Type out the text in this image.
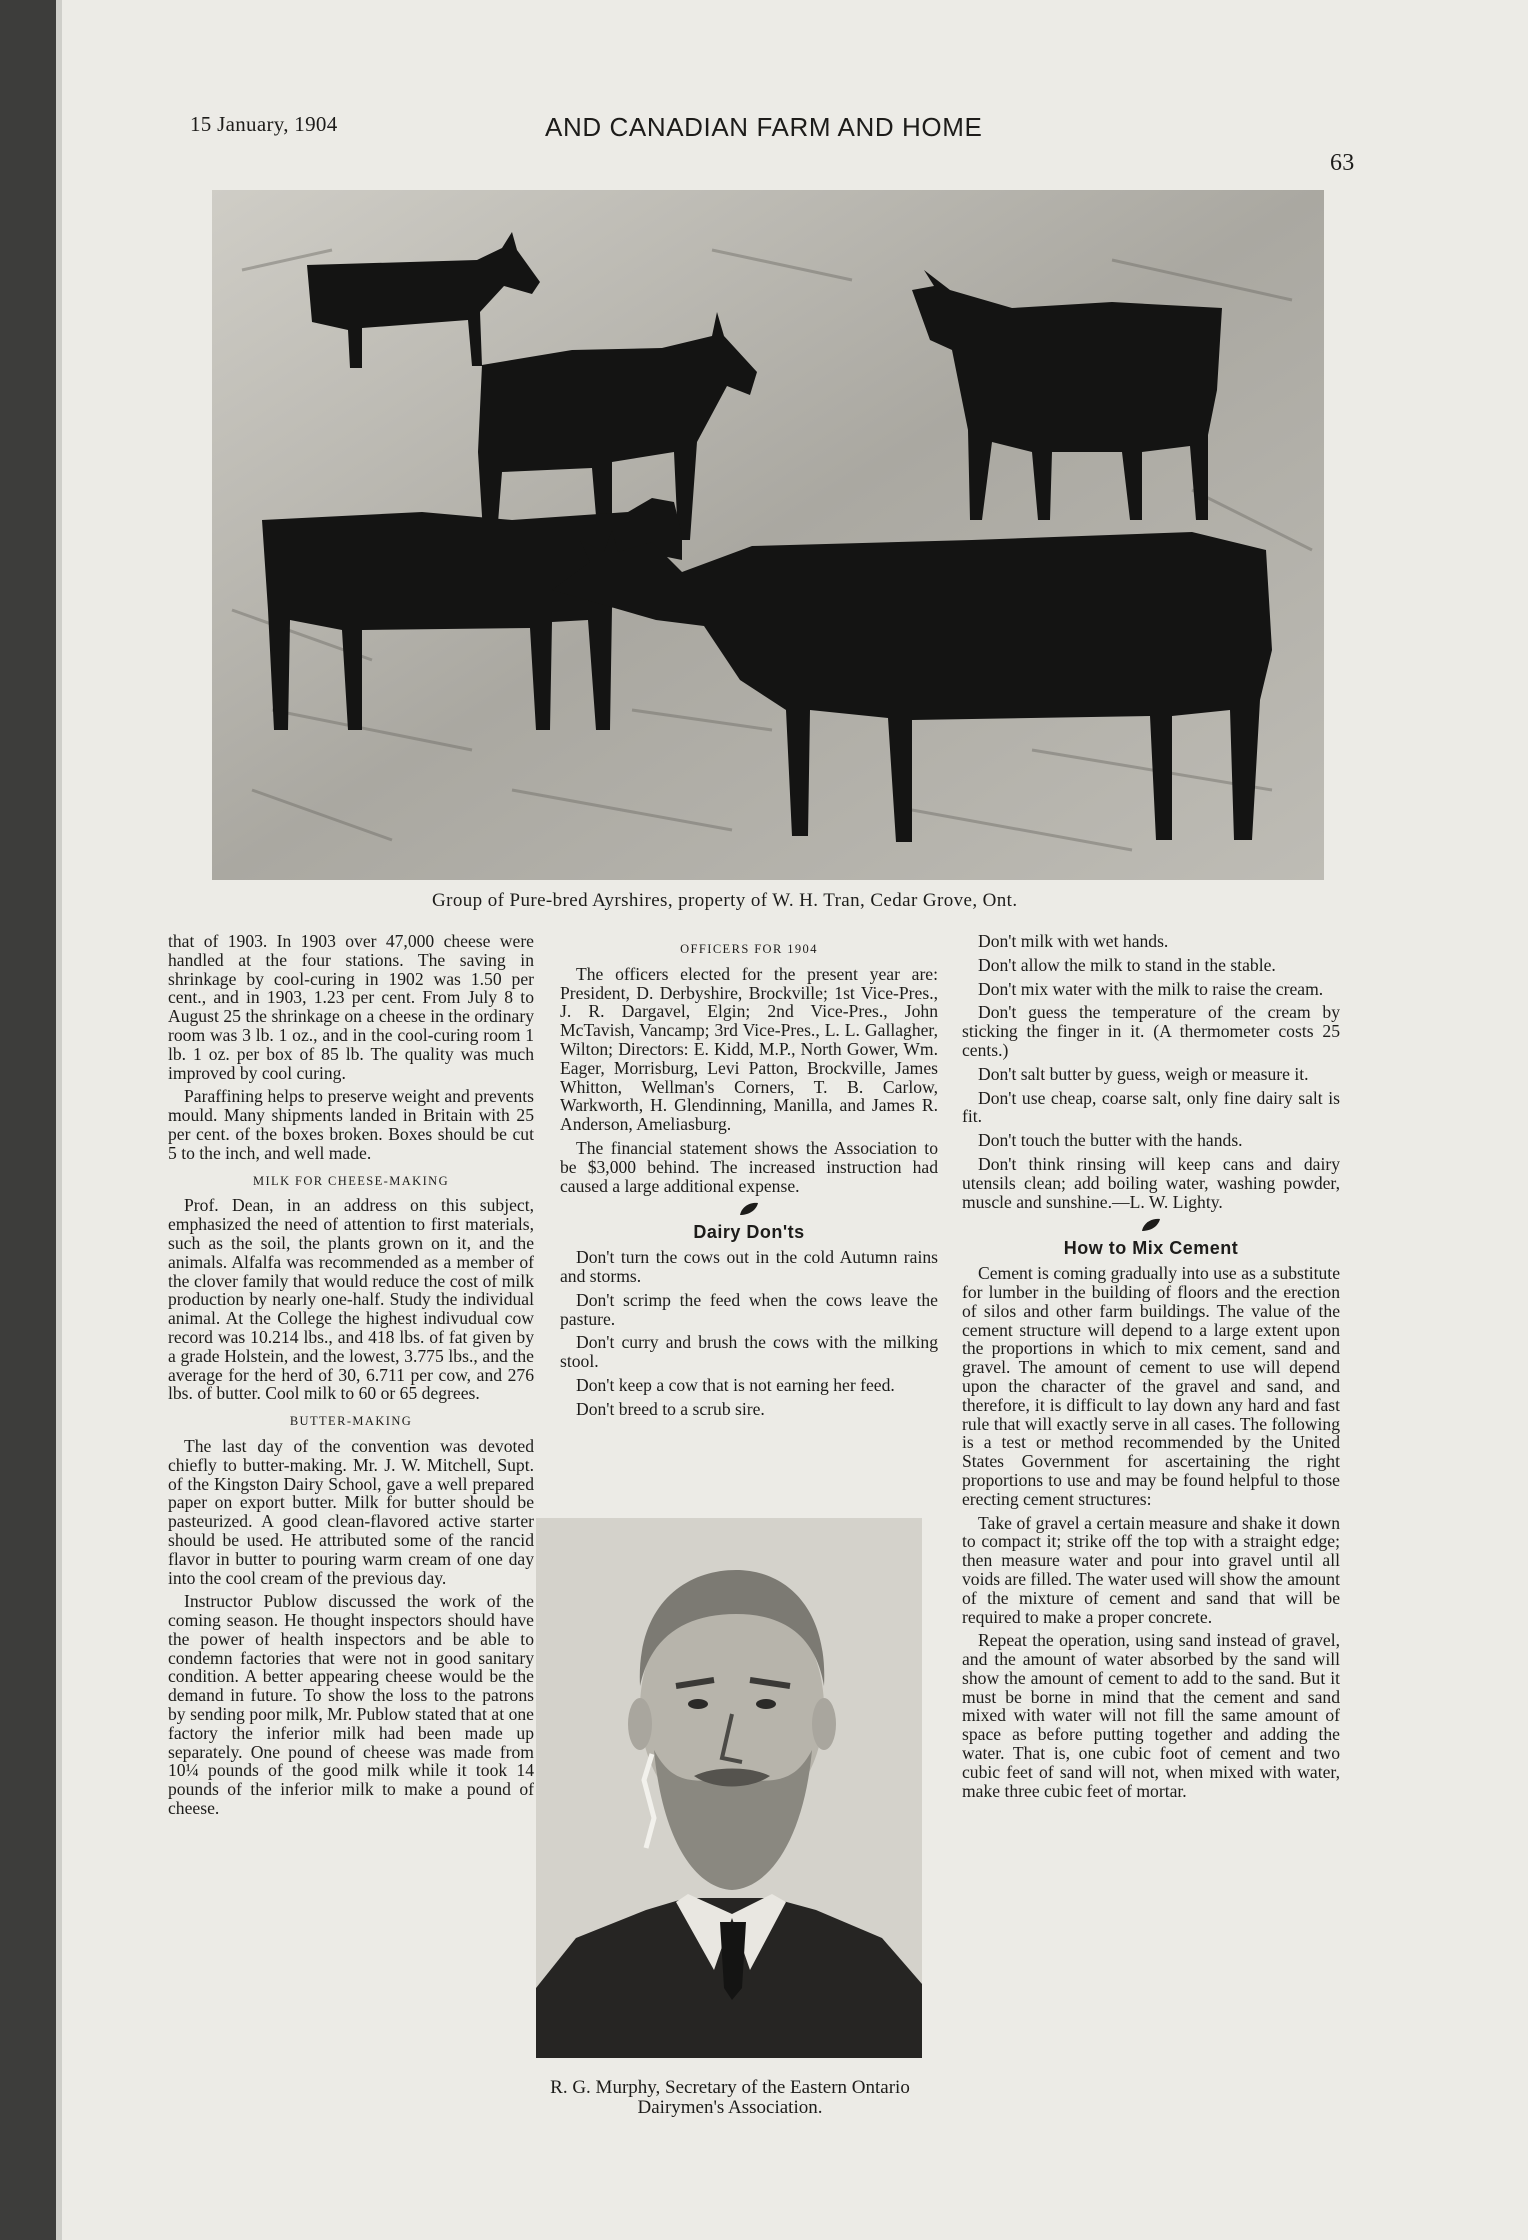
15 January, 1904	AND CANADIAN FARM AND HOME
63
Group of Pure-bred Ayrshires, property of W. H. Tran, Cedar Grove, Ont.

that of 1903. In 1903 over 47,000 cheese were handled at the four stations. The saving in shrinkage by cool-curing in 1902 was 1.50 per cent., and in 1903, 1.23 per cent. From July 8 to August 25 the shrinkage on a cheese in the ordinary room was 3 lb. 1 oz., and in the cool-curing room 1 lb. 1 oz. per box of 85 lb. The quality was much improved by cool curing.

Paraffining helps to preserve weight and prevents mould. Many shipments landed in Britain with 25 per cent. of the boxes broken. Boxes should be cut 5 to the inch, and well made.

MILK FOR CHEESE-MAKING

Prof. Dean, in an address on this subject, emphasized the need of attention to first materials, such as the soil, the plants grown on it, and the animals. Alfalfa was recommended as a member of the clover family that would reduce the cost of milk production by nearly one-half. Study the individual animal. At the College the highest indivudual cow record was 10.214 lbs., and 418 lbs. of fat given by a grade Holstein, and the lowest, 3.775 lbs., and the average for the herd of 30, 6.711 per cow, and 276 lbs. of butter. Cool milk to 60 or 65 degrees.

BUTTER-MAKING

The last day of the convention was devoted chiefly to butter-making. Mr. J. W. Mitchell, Supt. of the Kingston Dairy School, gave a well prepared paper on export butter. Milk for butter should be pasteurized. A good clean-flavored active starter should be used. He attributed some of the rancid flavor in butter to pouring warm cream of one day into the cool cream of the previous day.

Instructor Publow discussed the work of the coming season. He thought inspectors should have the power of health inspectors and be able to condemn factories that were not in good sanitary condition. A better appearing cheese would be the demand in future. To show the loss to the patrons by sending poor milk, Mr. Publow stated that at one factory the inferior milk had been made up separately. One pound of cheese was made from 10¼ pounds of the good milk while it took 14 pounds of the inferior milk to make a pound of cheese.

OFFICERS FOR 1904

The officers elected for the present year are: President, D. Derbyshire, Brockville; 1st Vice-Pres., J. R. Dargavel, Elgin; 2nd Vice-Pres., John McTavish, Vancamp; 3rd Vice-Pres., L. L. Gallagher, Wilton; Directors: E. Kidd, M.P., North Gower, Wm. Eager, Morrisburg, Levi Patton, Brockville, James Whitton, Wellman's Corners, T. B. Carlow, Warkworth, H. Glendinning, Manilla, and James R. Anderson, Ameliasburg.

The financial statement shows the Association to be $3,000 behind. The increased instruction had caused a large additional expense.

Dairy Don'ts

Don't turn the cows out in the cold Autumn rains and storms.

Don't scrimp the feed when the cows leave the pasture.

Don't curry and brush the cows with the milking stool.

Don't keep a cow that is not earning her feed.

Don't breed to a scrub sire.

R. G. Murphy, Secretary of the Eastern Ontario Dairymen's Association.

Don't milk with wet hands.

Don't allow the milk to stand in the stable.

Don't mix water with the milk to raise the cream.

Don't guess the temperature of the cream by sticking the finger in it. (A thermometer costs 25 cents.)

Don't salt butter by guess, weigh or measure it.

Don't use cheap, coarse salt, only fine dairy salt is fit.

Don't touch the butter with the hands.

Don't think rinsing will keep cans and dairy utensils clean; add boiling water, washing powder, muscle and sunshine.—L. W. Lighty.

How to Mix Cement

Cement is coming gradually into use as a substitute for lumber in the building of floors and the erection of silos and other farm buildings. The value of the cement structure will depend to a large extent upon the proportions in which to mix cement, sand and gravel. The amount of cement to use will depend upon the character of the gravel and sand, and therefore, it is difficult to lay down any hard and fast rule that will exactly serve in all cases. The following is a test or method recommended by the United States Government for ascertaining the right proportions to use and may be found helpful to those erecting cement structures:

Take of gravel a certain measure and shake it down to compact it; strike off the top with a straight edge; then measure water and pour into gravel until all voids are filled. The water used will show the amount of the mixture of cement and sand that will be required to make a proper concrete.

Repeat the operation, using sand instead of gravel, and the amount of water absorbed by the sand will show the amount of cement to add to the sand. But it must be borne in mind that the cement and sand mixed with water will not fill the same amount of space as before putting together and adding the water. That is, one cubic foot of cement and two cubic feet of sand will not, when mixed with water, make three cubic feet of mortar.
